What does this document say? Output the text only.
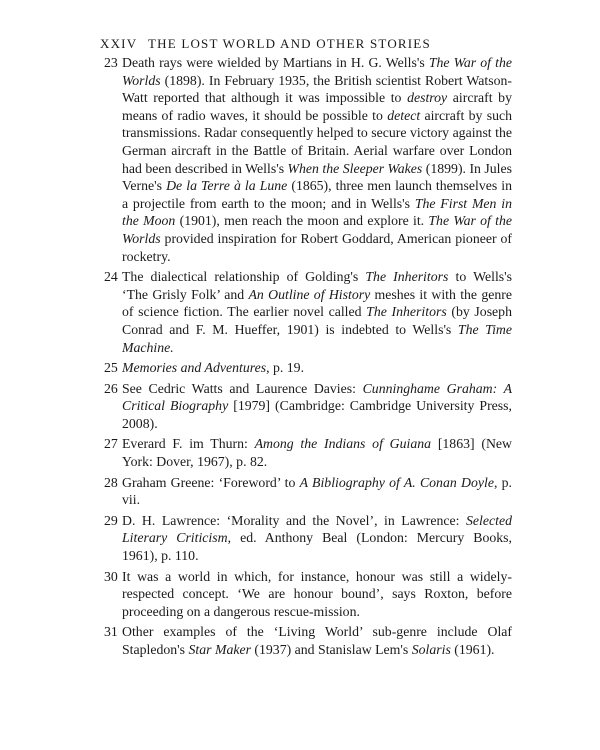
XXIV THE LOST WORLD AND OTHER STORIES
23 Death rays were wielded by Martians in H. G. Wells's The War of the Worlds (1898). In February 1935, the British scientist Robert Watson-Watt reported that although it was impossible to destroy aircraft by means of radio waves, it should be possible to detect aircraft by such transmissions. Radar consequently helped to secure victory against the German aircraft in the Battle of Britain. Aerial warfare over London had been described in Wells's When the Sleeper Wakes (1899). In Jules Verne's De la Terre à la Lune (1865), three men launch themselves in a projectile from earth to the moon; and in Wells's The First Men in the Moon (1901), men reach the moon and explore it. The War of the Worlds provided inspiration for Robert Goddard, American pioneer of rocketry.
24 The dialectical relationship of Golding's The Inheritors to Wells's ‘The Grisly Folk’ and An Outline of History meshes it with the genre of science fiction. The earlier novel called The Inheritors (by Joseph Conrad and F. M. Hueffer, 1901) is indebted to Wells's The Time Machine.
25 Memories and Adventures, p. 19.
26 See Cedric Watts and Laurence Davies: Cunninghame Graham: A Critical Biography [1979] (Cambridge: Cambridge University Press, 2008).
27 Everard F. im Thurn: Among the Indians of Guiana [1863] (New York: Dover, 1967), p. 82.
28 Graham Greene: ‘Foreword’ to A Bibliography of A. Conan Doyle, p. vii.
29 D. H. Lawrence: ‘Morality and the Novel’, in Lawrence: Selected Literary Criticism, ed. Anthony Beal (London: Mercury Books, 1961), p. 110.
30 It was a world in which, for instance, honour was still a widely-respected concept. ‘We are honour bound’, says Roxton, before proceeding on a dangerous rescue-mission.
31 Other examples of the ‘Living World’ sub-genre include Olaf Stapledon's Star Maker (1937) and Stanislaw Lem's Solaris (1961).
